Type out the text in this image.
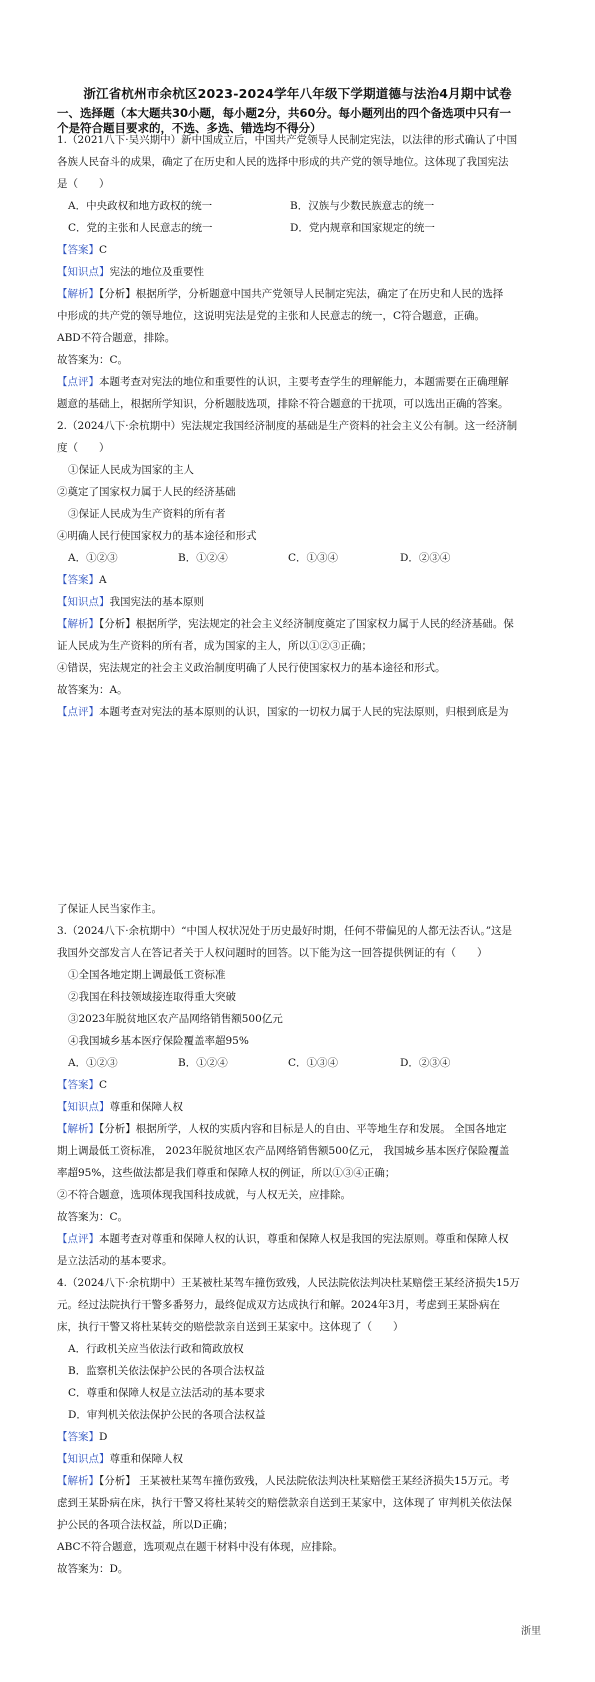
浙江省杭州市余杭区2023-2024学年八年级下学期道德与法治4月期中试卷
一、选择题（本大题共30小题，每小题2分，共60分。每小题列出的四个备选项中只有一
个是符合题目要求的，不选、多选、错选均不得分）
1.（2021八下·吴兴期中）新中国成立后，中国共产党领导人民制定宪法，以法律的形式确认了中国
各族人民奋斗的成果，确定了在历史和人民的选择中形成的共产党的领导地位。这体现了我国宪法
是（　　）
A．中央政权和地方政权的统一	B．汉族与少数民族意志的统一
C．党的主张和人民意志的统一	D．党内规章和国家规定的统一
【答案】C
【知识点】宪法的地位及重要性
【解析】【分析】根据所学，分析题意中国共产党领导人民制定宪法，确定了在历史和人民的选择
中形成的共产党的领导地位，这说明宪法是党的主张和人民意志的统一，C符合题意，正确。
ABD不符合题意，排除。
故答案为：C。
【点评】本题考查对宪法的地位和重要性的认识，主要考查学生的理解能力，本题需要在正确理解
题意的基础上，根据所学知识，分析题肢选项，排除不符合题意的干扰项，可以选出正确的答案。
2.（2024八下·余杭期中）宪法规定我国经济制度的基础是生产资料的社会主义公有制。这一经济制
度（　　）
①保证人民成为国家的主人
②奠定了国家权力属于人民的经济基础
③保证人民成为生产资料的所有者
④明确人民行使国家权力的基本途径和形式
A．①②③	B．①②④	C．①③④	D．②③④
【答案】A
【知识点】我国宪法的基本原则
【解析】【分析】根据所学，宪法规定的社会主义经济制度奠定了国家权力属于人民的经济基础。保
证人民成为生产资料的所有者，成为国家的主人，所以①②③正确；
④错误，宪法规定的社会主义政治制度明确了人民行使国家权力的基本途径和形式。
故答案为：A。
【点评】本题考查对宪法的基本原则的认识，国家的一切权力属于人民的宪法原则，归根到底是为
了保证人民当家作主。
3.（2024八下·余杭期中）“中国人权状况处于历史最好时期，任何不带偏见的人都无法否认。”这是
我国外交部发言人在答记者关于人权问题时的回答。以下能为这一回答提供例证的有（　　）
①全国各地定期上调最低工资标准
②我国在科技领域接连取得重大突破
③2023年脱贫地区农产品网络销售额500亿元
④我国城乡基本医疗保险覆盖率超95%
A．①②③	B．①②④	C．①③④	D．②③④
【答案】C
【知识点】尊重和保障人权
【解析】【分析】根据所学，人权的实质内容和目标是人的自由、平等地生存和发展。 全国各地定
期上调最低工资标准， 2023年脱贫地区农产品网络销售额500亿元， 我国城乡基本医疗保险覆盖
率超95%，这些做法都是我们尊重和保障人权的例证，所以①③④正确；
②不符合题意，选项体现我国科技成就，与人权无关，应排除。
故答案为：C。
【点评】本题考查对尊重和保障人权的认识，尊重和保障人权是我国的宪法原则。尊重和保障人权
是立法活动的基本要求。
4.（2024八下·余杭期中）王某被杜某驾车撞伤致残，人民法院依法判决杜某赔偿王某经济损失15万
元。经过法院执行干警多番努力，最终促成双方达成执行和解。2024年3月，考虑到王某卧病在
床，执行干警又将杜某转交的赔偿款亲自送到王某家中。这体现了（　　）
A．行政机关应当依法行政和简政放权
B．监察机关依法保护公民的各项合法权益
C．尊重和保障人权是立法活动的基本要求
D．审判机关依法保护公民的各项合法权益
【答案】D
【知识点】尊重和保障人权
【解析】【分析】 王某被杜某驾车撞伤致残，人民法院依法判决杜某赔偿王某经济损失15万元。考
虑到王某卧病在床，执行干警又将杜某转交的赔偿款亲自送到王某家中，这体现了 审判机关依法保
护公民的各项合法权益，所以D正确；
ABC不符合题意，选项观点在题干材料中没有体现，应排除。
故答案为：D。
浙里
